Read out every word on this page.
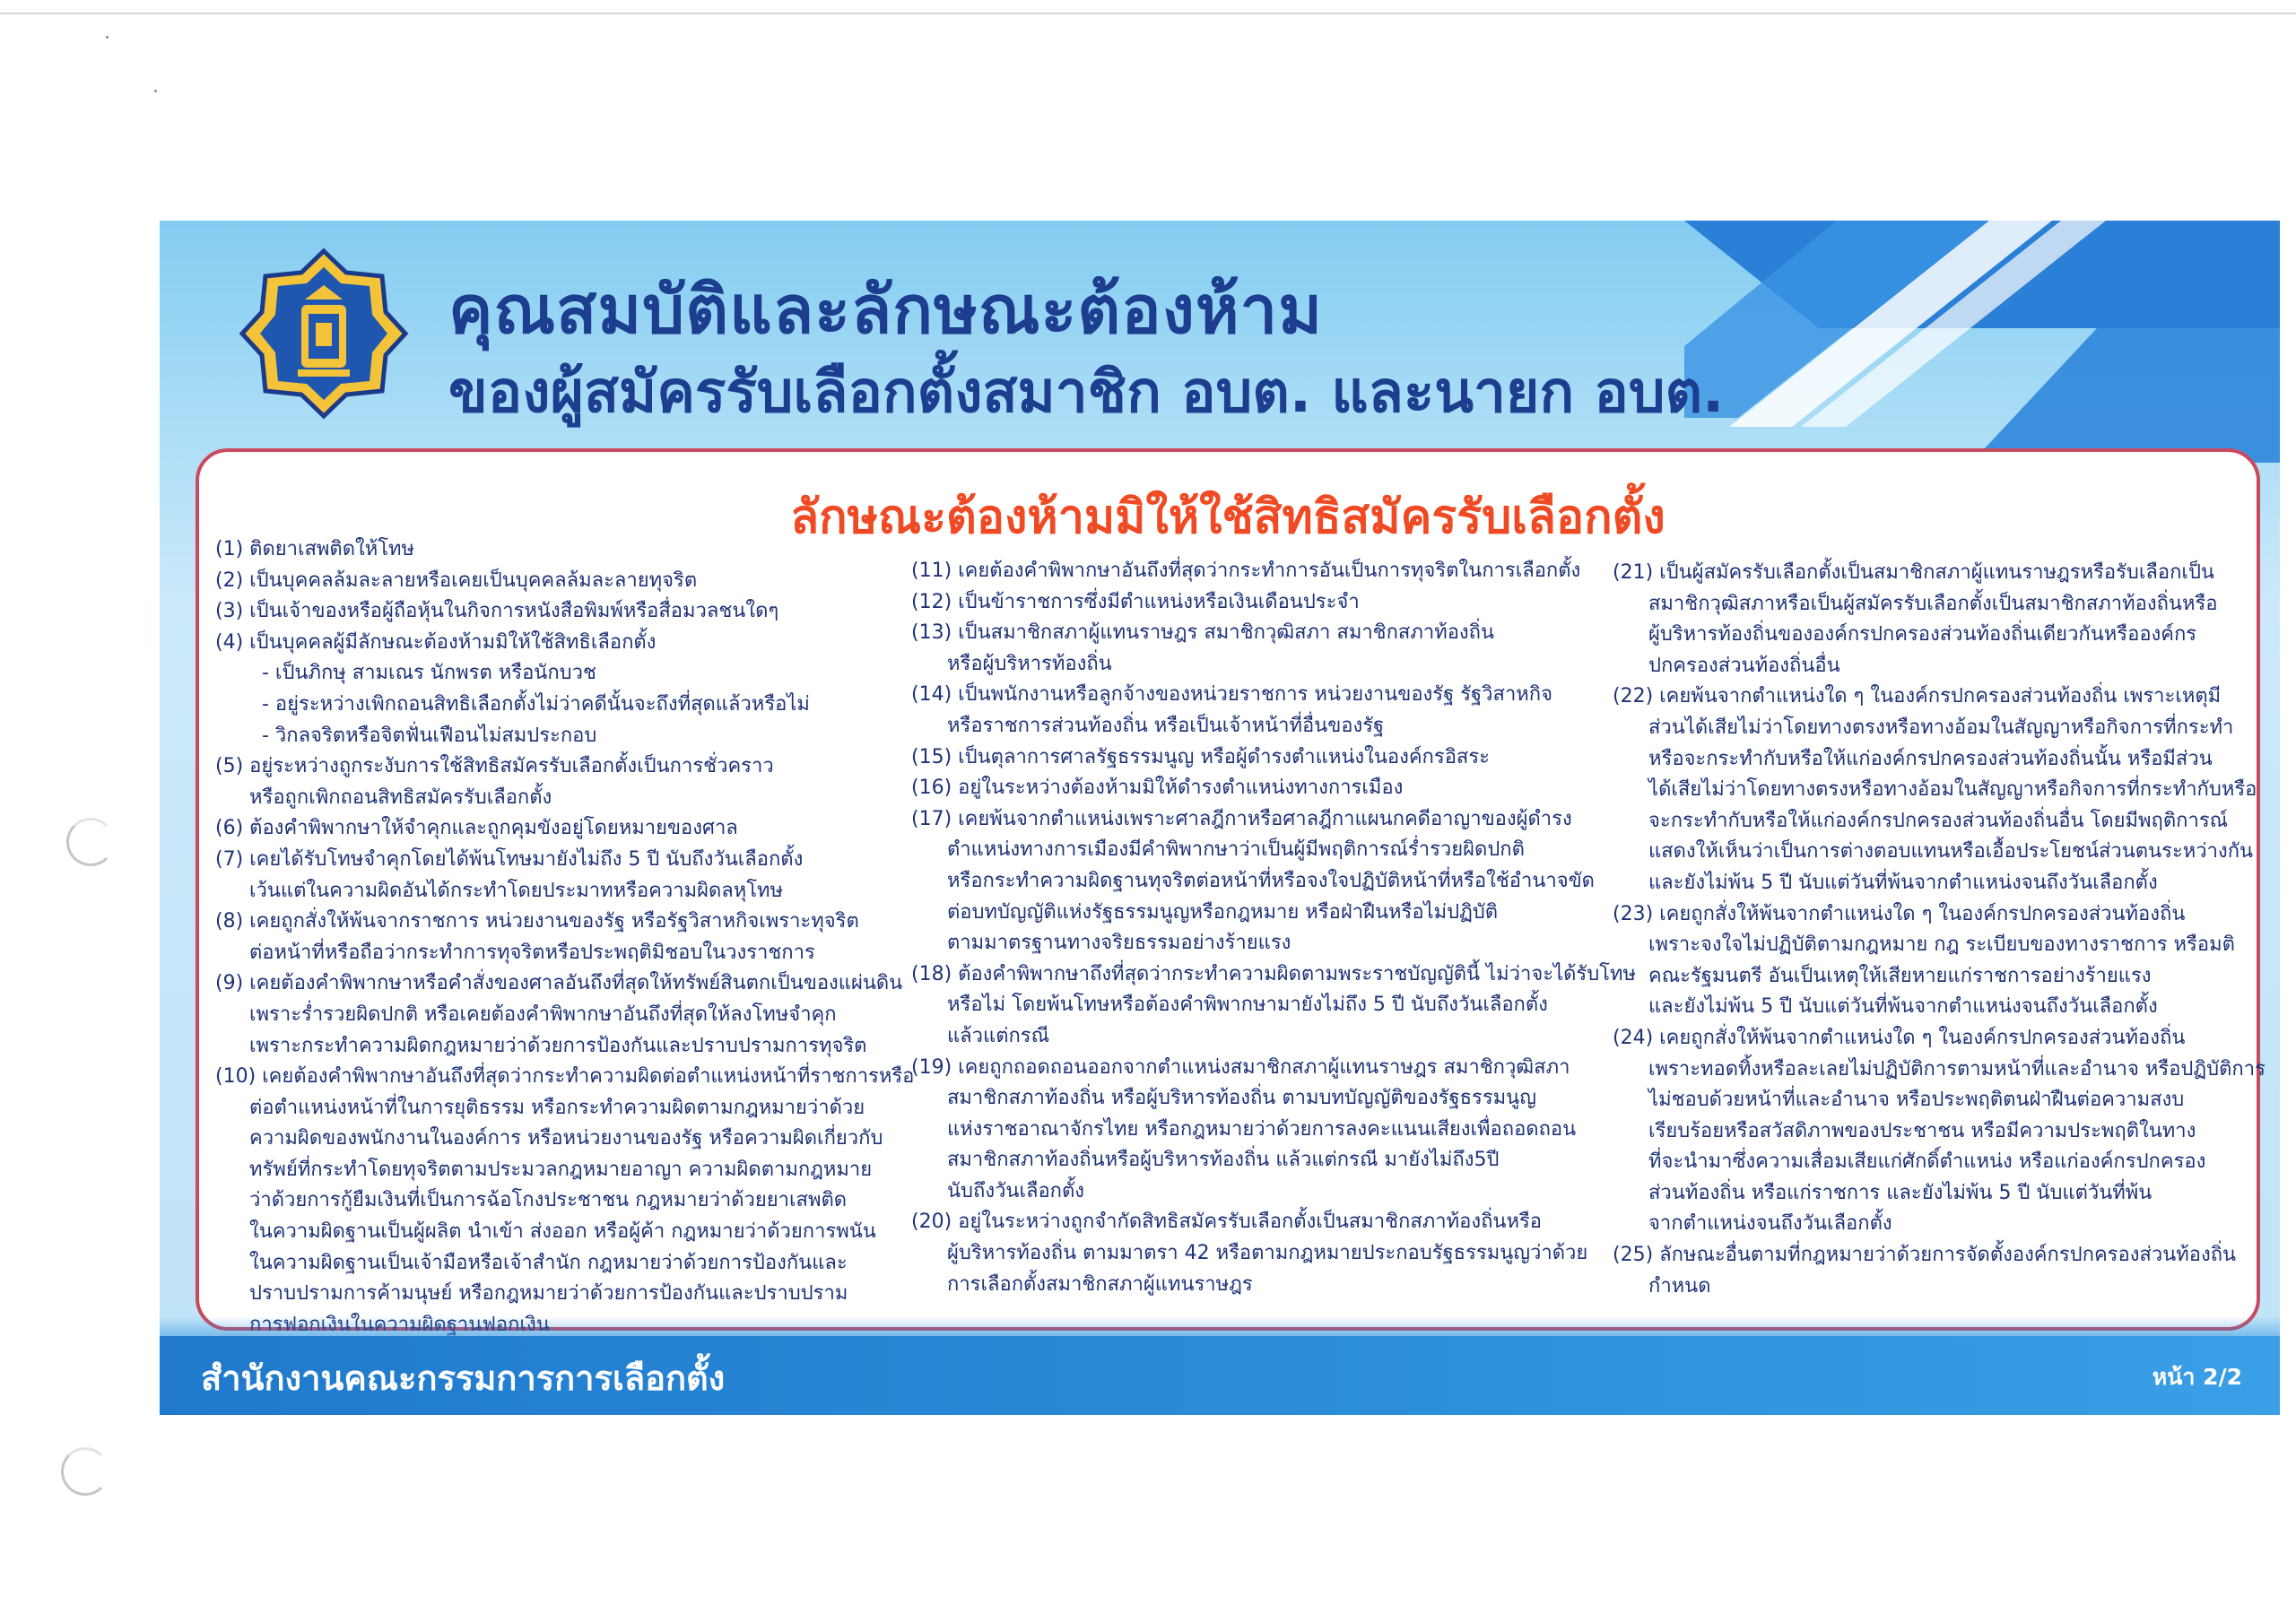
คุณสมบัติและลักษณะต้องห้าม
ของผู้สมัครรับเลือกตั้งสมาชิก อบต. และนายก อบต.
ลักษณะต้องห้ามมิให้ใช้สิทธิสมัครรับเลือกตั้ง
(1) ติดยาเสพติดให้โทษ
(2) เป็นบุคคลล้มละลายหรือเคยเป็นบุคคลล้มละลายทุจริต
(3) เป็นเจ้าของหรือผู้ถือหุ้นในกิจการหนังสือพิมพ์หรือสื่อมวลชนใดๆ
(4) เป็นบุคคลผู้มีลักษณะต้องห้ามมิให้ใช้สิทธิเลือกตั้ง
- เป็นภิกษุ สามเณร นักพรต หรือนักบวช
- อยู่ระหว่างเพิกถอนสิทธิเลือกตั้งไม่ว่าคดีนั้นจะถึงที่สุดแล้วหรือไม่
- วิกลจริตหรือจิตฟั่นเฟือนไม่สมประกอบ
(5) อยู่ระหว่างถูกระงับการใช้สิทธิสมัครรับเลือกตั้งเป็นการชั่วคราว
หรือถูกเพิกถอนสิทธิสมัครรับเลือกตั้ง
(6) ต้องคำพิพากษาให้จำคุกและถูกคุมขังอยู่โดยหมายของศาล
(7) เคยได้รับโทษจำคุกโดยได้พ้นโทษมายังไม่ถึง 5 ปี นับถึงวันเลือกตั้ง
เว้นแต่ในความผิดอันได้กระทำโดยประมาทหรือความผิดลหุโทษ
(8) เคยถูกสั่งให้พ้นจากราชการ หน่วยงานของรัฐ หรือรัฐวิสาหกิจเพราะทุจริต
ต่อหน้าที่หรือถือว่ากระทำการทุจริตหรือประพฤติมิชอบในวงราชการ
(9) เคยต้องคำพิพากษาหรือคำสั่งของศาลอันถึงที่สุดให้ทรัพย์สินตกเป็นของแผ่นดิน
เพราะร่ำรวยผิดปกติ หรือเคยต้องคำพิพากษาอันถึงที่สุดให้ลงโทษจำคุก
เพราะกระทำความผิดกฎหมายว่าด้วยการป้องกันและปราบปรามการทุจริต
(10) เคยต้องคำพิพากษาอันถึงที่สุดว่ากระทำความผิดต่อตำแหน่งหน้าที่ราชการหรือ
ต่อตำแหน่งหน้าที่ในการยุติธรรม หรือกระทำความผิดตามกฎหมายว่าด้วย
ความผิดของพนักงานในองค์การ หรือหน่วยงานของรัฐ หรือความผิดเกี่ยวกับ
ทรัพย์ที่กระทำโดยทุจริตตามประมวลกฎหมายอาญา ความผิดตามกฎหมาย
ว่าด้วยการกู้ยืมเงินที่เป็นการฉ้อโกงประชาชน กฎหมายว่าด้วยยาเสพติด
ในความผิดฐานเป็นผู้ผลิต นำเข้า ส่งออก หรือผู้ค้า กฎหมายว่าด้วยการพนัน
ในความผิดฐานเป็นเจ้ามือหรือเจ้าสำนัก กฎหมายว่าด้วยการป้องกันและ
ปราบปรามการค้ามนุษย์ หรือกฎหมายว่าด้วยการป้องกันและปราบปราม
(11) เคยต้องคำพิพากษาอันถึงที่สุดว่ากระทำการอันเป็นการทุจริตในการเลือกตั้ง
(12) เป็นข้าราชการซึ่งมีตำแหน่งหรือเงินเดือนประจำ
(13) เป็นสมาชิกสภาผู้แทนราษฎร สมาชิกวุฒิสภา สมาชิกสภาท้องถิ่น
หรือผู้บริหารท้องถิ่น
(14) เป็นพนักงานหรือลูกจ้างของหน่วยราชการ หน่วยงานของรัฐ รัฐวิสาหกิจ
หรือราชการส่วนท้องถิ่น หรือเป็นเจ้าหน้าที่อื่นของรัฐ
(15) เป็นตุลาการศาลรัฐธรรมนูญ หรือผู้ดำรงตำแหน่งในองค์กรอิสระ
(16) อยู่ในระหว่างต้องห้ามมิให้ดำรงตำแหน่งทางการเมือง
(17) เคยพ้นจากตำแหน่งเพราะศาลฎีกาหรือศาลฎีกาแผนกคดีอาญาของผู้ดำรง
ตำแหน่งทางการเมืองมีคำพิพากษาว่าเป็นผู้มีพฤติการณ์ร่ำรวยผิดปกติ
หรือกระทำความผิดฐานทุจริตต่อหน้าที่หรือจงใจปฏิบัติหน้าที่หรือใช้อำนาจขัด
ต่อบทบัญญัติแห่งรัฐธรรมนูญหรือกฎหมาย หรือฝ่าฝืนหรือไม่ปฏิบัติ
ตามมาตรฐานทางจริยธรรมอย่างร้ายแรง
(18) ต้องคำพิพากษาถึงที่สุดว่ากระทำความผิดตามพระราชบัญญัตินี้ ไม่ว่าจะได้รับโทษ
หรือไม่ โดยพ้นโทษหรือต้องคำพิพากษามายังไม่ถึง 5 ปี นับถึงวันเลือกตั้ง
แล้วแต่กรณี
(19) เคยถูกถอดถอนออกจากตำแหน่งสมาชิกสภาผู้แทนราษฎร สมาชิกวุฒิสภา
สมาชิกสภาท้องถิ่น หรือผู้บริหารท้องถิ่น ตามบทบัญญัติของรัฐธรรมนูญ
แห่งราชอาณาจักรไทย หรือกฎหมายว่าด้วยการลงคะแนนเสียงเพื่อถอดถอน
สมาชิกสภาท้องถิ่นหรือผู้บริหารท้องถิ่น แล้วแต่กรณี มายังไม่ถึง5ปี
นับถึงวันเลือกตั้ง
(20) อยู่ในระหว่างถูกจำกัดสิทธิสมัครรับเลือกตั้งเป็นสมาชิกสภาท้องถิ่นหรือ
ผู้บริหารท้องถิ่น ตามมาตรา 42 หรือตามกฎหมายประกอบรัฐธรรมนูญว่าด้วย
การเลือกตั้งสมาชิกสภาผู้แทนราษฎร
(21) เป็นผู้สมัครรับเลือกตั้งเป็นสมาชิกสภาผู้แทนราษฎรหรือรับเลือกเป็น
สมาชิกวุฒิสภาหรือเป็นผู้สมัครรับเลือกตั้งเป็นสมาชิกสภาท้องถิ่นหรือ
ผู้บริหารท้องถิ่นขององค์กรปกครองส่วนท้องถิ่นเดียวกันหรือองค์กร
ปกครองส่วนท้องถิ่นอื่น
(22) เคยพ้นจากตำแหน่งใด ๆ ในองค์กรปกครองส่วนท้องถิ่น เพราะเหตุมี
ส่วนได้เสียไม่ว่าโดยทางตรงหรือทางอ้อมในสัญญาหรือกิจการที่กระทำ
หรือจะกระทำกับหรือให้แก่องค์กรปกครองส่วนท้องถิ่นนั้น หรือมีส่วน
ได้เสียไม่ว่าโดยทางตรงหรือทางอ้อมในสัญญาหรือกิจการที่กระทำกับหรือ
จะกระทำกับหรือให้แก่องค์กรปกครองส่วนท้องถิ่นอื่น โดยมีพฤติการณ์
แสดงให้เห็นว่าเป็นการต่างตอบแทนหรือเอื้อประโยชน์ส่วนตนระหว่างกัน
และยังไม่พ้น 5 ปี นับแต่วันที่พ้นจากตำแหน่งจนถึงวันเลือกตั้ง
(23) เคยถูกสั่งให้พ้นจากตำแหน่งใด ๆ ในองค์กรปกครองส่วนท้องถิ่น
เพราะจงใจไม่ปฏิบัติตามกฎหมาย กฎ ระเบียบของทางราชการ หรือมติ
คณะรัฐมนตรี อันเป็นเหตุให้เสียหายแก่ราชการอย่างร้ายแรง
และยังไม่พ้น 5 ปี นับแต่วันที่พ้นจากตำแหน่งจนถึงวันเลือกตั้ง
(24) เคยถูกสั่งให้พ้นจากตำแหน่งใด ๆ ในองค์กรปกครองส่วนท้องถิ่น
เพราะทอดทิ้งหรือละเลยไม่ปฏิบัติการตามหน้าที่และอำนาจ หรือปฏิบัติการ
ไม่ชอบด้วยหน้าที่และอำนาจ หรือประพฤติตนฝ่าฝืนต่อความสงบ
เรียบร้อยหรือสวัสดิภาพของประชาชน หรือมีความประพฤติในทาง
ที่จะนำมาซึ่งความเสื่อมเสียแก่ศักดิ์ตำแหน่ง หรือแก่องค์กรปกครอง
ส่วนท้องถิ่น หรือแก่ราชการ และยังไม่พ้น 5 ปี นับแต่วันที่พ้น
จากตำแหน่งจนถึงวันเลือกตั้ง
(25) ลักษณะอื่นตามที่กฎหมายว่าด้วยการจัดตั้งองค์กรปกครองส่วนท้องถิ่น
กำหนด
สำนักงานคณะกรรมการการเลือกตั้ง	หน้า 2/2
